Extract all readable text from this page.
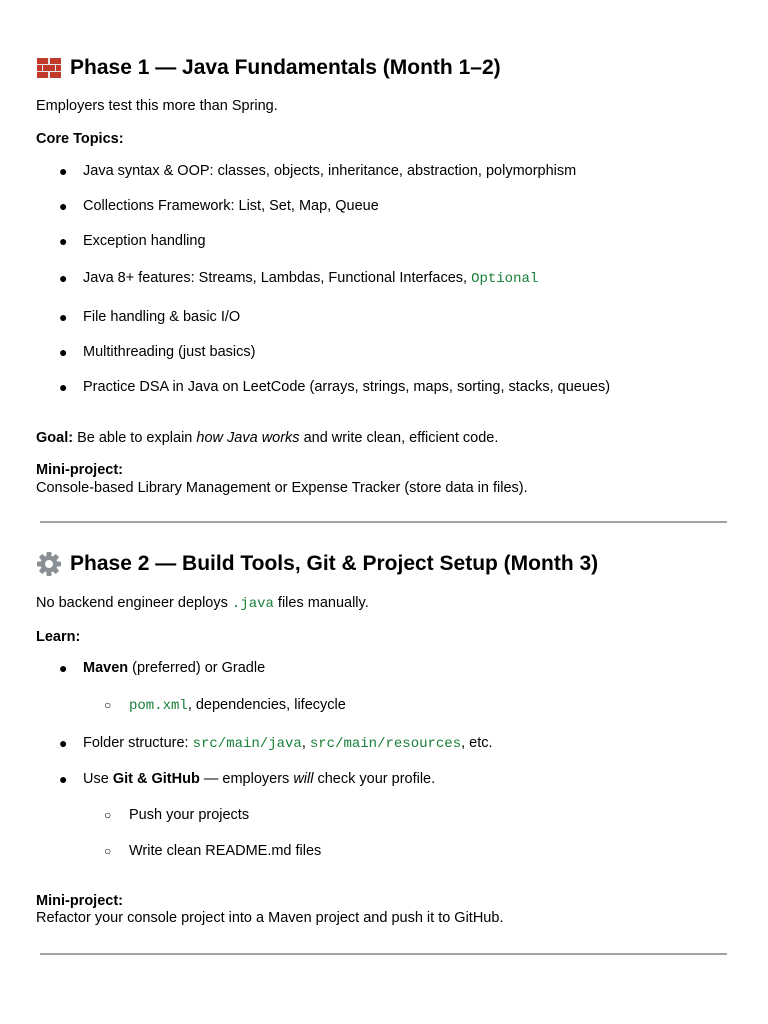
Phase 1 — Java Fundamentals (Month 1–2)
Employers test this more than Spring.
Core Topics:
● Java syntax & OOP: classes, objects, inheritance, abstraction, polymorphism
● Collections Framework: List, Set, Map, Queue
● Exception handling
● Java 8+ features: Streams, Lambdas, Functional Interfaces, Optional
● File handling & basic I/O
● Multithreading (just basics)
● Practice DSA in Java on LeetCode (arrays, strings, maps, sorting, stacks, queues)
Goal: Be able to explain how Java works and write clean, efficient code.
Mini-project:
Console-based Library Management or Expense Tracker (store data in files).
Phase 2 — Build Tools, Git & Project Setup (Month 3)
No backend engineer deploys .java files manually.
Learn:
● Maven (preferred) or Gradle
○ pom.xml, dependencies, lifecycle
● Folder structure: src/main/java, src/main/resources, etc.
● Use Git & GitHub — employers will check your profile.
○ Push your projects
○ Write clean README.md files
Mini-project:
Refactor your console project into a Maven project and push it to GitHub.
